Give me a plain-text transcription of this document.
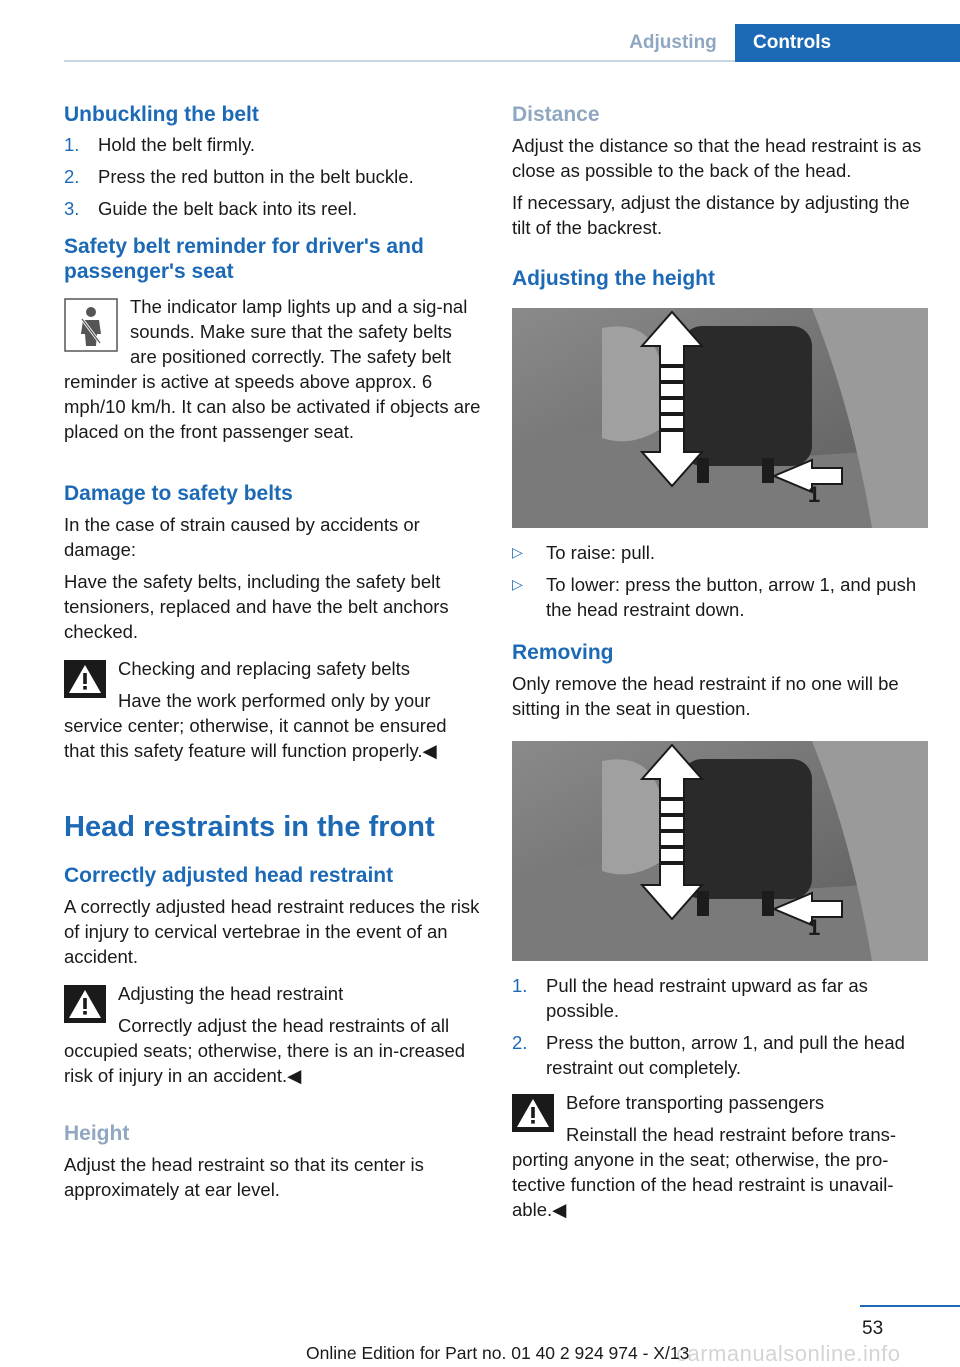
Adjusting	Controls
Unbuckling the belt
1. Hold the belt firmly.
2. Press the red button in the belt buckle.
3. Guide the belt back into its reel.
Safety belt reminder for driver's and passenger's seat

The indicator lamp lights up and a sig‐nal sounds. Make sure that the safety belts are positioned correctly. The safety belt reminder is active at speeds above approx. 6 mph/10 km/h. It can also be activated if objects are placed on the front passenger seat.

Damage to safety belts

In the case of strain caused by accidents or damage:

Have the safety belts, including the safety belt tensioners, replaced and have the belt anchors checked.

Checking and replacing safety belts

Have the work performed only by your service center; otherwise, it cannot be ensured that this safety feature will function properly.◀

Head restraints in the front
Correctly adjusted head restraint

A correctly adjusted head restraint reduces the risk of injury to cervical vertebrae in the event of an accident.

Adjusting the head restraint

Correctly adjust the head restraints of all occupied seats; otherwise, there is an in‐creased risk of injury in an accident.◀

Height

Adjust the head restraint so that its center is approximately at ear level.

Distance

Adjust the distance so that the head restraint is as close as possible to the back of the head.

If necessary, adjust the distance by adjusting the tilt of the backrest.

Adjusting the height
1
▷ To raise: pull.
▷ To lower: press the button, arrow 1, and push the head restraint down.
Removing

Only remove the head restraint if no one will be sitting in the seat in question.

1
1. Pull the head restraint upward as far as possible.
2. Press the button, arrow 1, and pull the head restraint out completely.

Before transporting passengers

Reinstall the head restraint before trans‐porting anyone in the seat; otherwise, the pro‐tective function of the head restraint is unavail‐able.◀

53
carmanualsonline.info
Online Edition for Part no. 01 40 2 924 974 - X/13
